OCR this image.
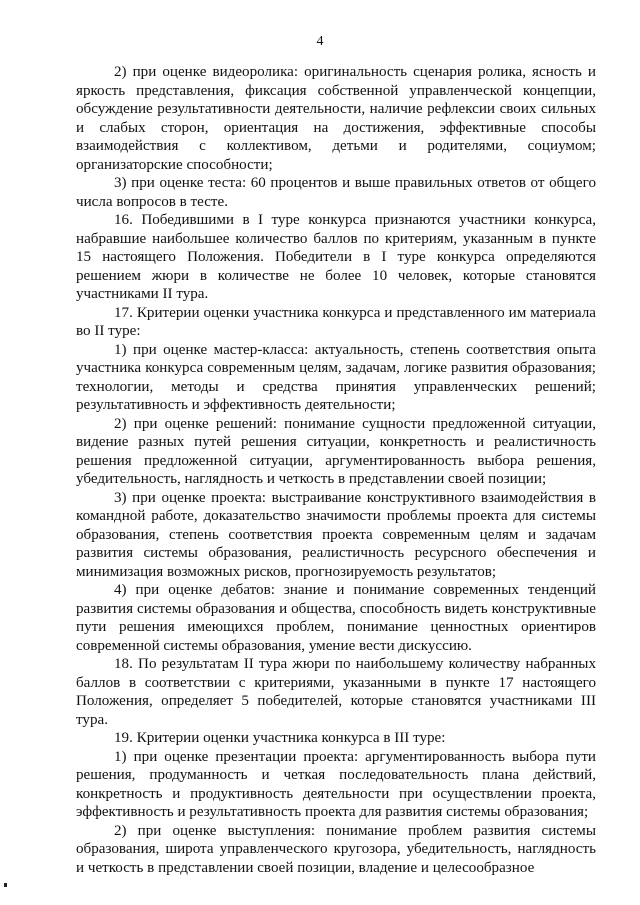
4

2) при оценке видеоролика: оригинальность сценария ролика, ясность и яркость представления, фиксация собственной управленческой концепции, обсуждение результативности деятельности, наличие рефлексии своих сильных и слабых сторон, ориентация на достижения, эффективные способы взаимодействия с коллективом, детьми и родителями, социумом; организаторские способности;

3) при оценке теста: 60 процентов и выше правильных ответов от общего числа вопросов в тесте.

16. Победившими в I туре конкурса признаются участники конкурса, набравшие наибольшее количество баллов по критериям, указанным в пункте 15 настоящего Положения. Победители в I туре конкурса определяются решением жюри в количестве не более 10 человек, которые становятся участниками II тура.

17. Критерии оценки участника конкурса и представленного им материала во II туре:

1) при оценке мастер-класса: актуальность, степень соответствия опыта участника конкурса современным целям, задачам, логике развития образования; технологии, методы и средства принятия управленческих решений; результативность и эффективность деятельности;

2) при оценке решений: понимание сущности предложенной ситуации, видение разных путей решения ситуации, конкретность и реалистичность решения предложенной ситуации, аргументированность выбора решения, убедительность, наглядность и четкость в представлении своей позиции;

3) при оценке проекта: выстраивание конструктивного взаимодействия в командной работе, доказательство значимости проблемы проекта для системы образования, степень соответствия проекта современным целям и задачам развития системы образования, реалистичность ресурсного обеспечения и минимизация возможных рисков, прогнозируемость результатов;

4) при оценке дебатов: знание и понимание современных тенденций развития системы образования и общества, способность видеть конструктивные пути решения имеющихся проблем, понимание ценностных ориентиров современной системы образования, умение вести дискуссию.

18. По результатам II тура жюри по наибольшему количеству набранных баллов в соответствии с критериями, указанными в пункте 17 настоящего Положения, определяет 5 победителей, которые становятся участниками III тура.

19. Критерии оценки участника конкурса в III туре:

1) при оценке презентации проекта: аргументированность выбора пути решения, продуманность и четкая последовательность плана действий, конкретность и продуктивность деятельности при осуществлении проекта, эффективность и результативность проекта для развития системы образования;

2) при оценке выступления: понимание проблем развития системы образования, широта управленческого кругозора, убедительность, наглядность и четкость в представлении своей позиции, владение и целесообразное
